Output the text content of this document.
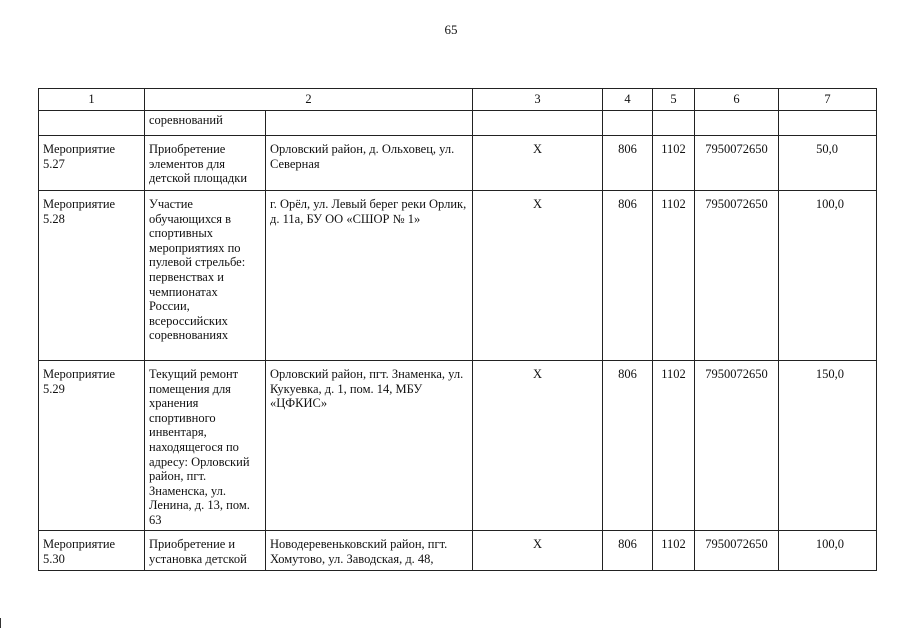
65
1	2		3	4	5	6	7
	соревнований						
Мероприятие 5.27	Приобретение элементов для детской площадки	Орловский район, д. Ольховец, ул. Северная	Х	806	1102	7950072650	50,0
Мероприятие 5.28	Участие обучающихся в спортивных мероприятиях по пулевой стрельбе: первенствах и чемпионатах России, всероссийских соревнованиях	г. Орёл, ул. Левый берег реки Орлик, д. 11а, БУ ОО «СШОР № 1»	Х	806	1102	7950072650	100,0
Мероприятие 5.29	Текущий ремонт помещения для хранения спортивного инвентаря, находящегося по адресу: Орловский район, пгт. Знаменска, ул. Ленина, д. 13, пом. 63	Орловский район, пгт. Знаменка, ул. Кукуевка, д. 1, пом. 14, МБУ «ЦФКИС»	Х	806	1102	7950072650	150,0
Мероприятие 5.30	Приобретение и установка детской	Новодеревеньковский район, пгт. Хомутово, ул. Заводская, д. 48,	Х	806	1102	7950072650	100,0
